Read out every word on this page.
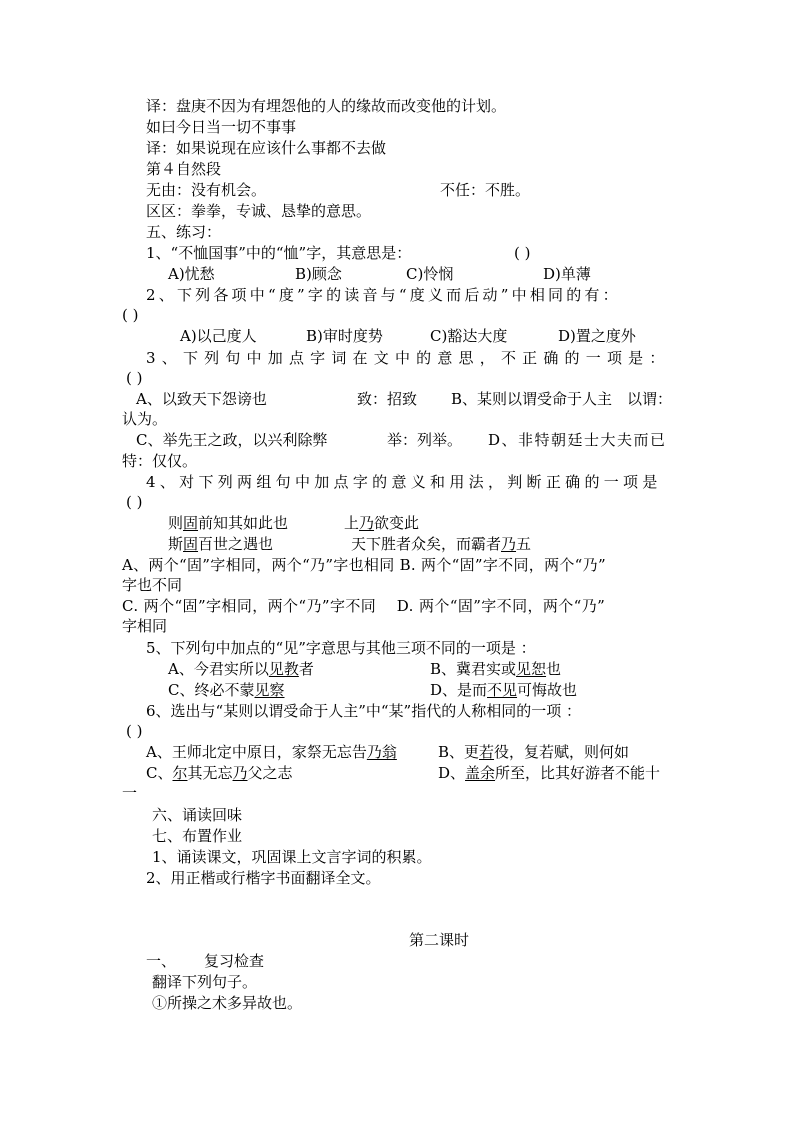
译：盘庚不因为有埋怨他的人的缘故而改变他的计划。
如曰今日当一切不事事
译：如果说现在应该什么事都不去做
第４自然段
无由：没有机会。	不任：不胜。
区区：拳拳，专诚、恳挚的意思。
五、练习：
1、“不恤国事”中的“恤”字，其意思是：	( )
A)忧愁	B)顾念	C)怜悯	D)单薄
2、下列各项中“度”字的读音与“度义而后动”中相同的有：
( )
A)以己度人	B)审时度势	C)豁达大度	D)置之度外
3、下列句中加点字词在文中的意思，不正确的一项是：
( )
A、以致天下怨谤也	致：招致 B、某则以谓受命于人主　以谓：
认为。
C、举先王之政，以兴利除弊	举：列举。 D、非特朝廷士大夫而已
特：仅仅。
4、对下列两组句中加点字的意义和用法，判断正确的一项是
( )
则固前知其如此也	上乃欲变此
斯固百世之遇也	天下胜者众矣，而霸者乃五
A、两个“固”字相同，两个“乃”字也相同 B. 两个“固”字不同，两个“乃”
字也不同
C. 两个“固”字相同，两个“乃”字不同　 D. 两个“固”字不同，两个“乃”
字相同
5、下列句中加点的“见”字意思与其他三项不同的一项是 ：
A、今君实所以见教者	B、冀君实或见恕也
C、终必不蒙见察	D、是而不见可悔故也
6、选出与“某则以谓受命于人主”中“某”指代的人称相同的一项 ：
( )
A、王师北定中原日，家祭无忘告乃翁	B、更若役，复若赋，则何如
C、尔其无忘乃父之志	D、盖余所至，比其好游者不能十
一
六、诵读回味
七、布置作业
1、诵读课文，巩固课上文言字词的积累。
2、用正楷或行楷字书面翻译全文。
第二课时
一、 复习检查
翻译下列句子。
①所操之术多异故也。
